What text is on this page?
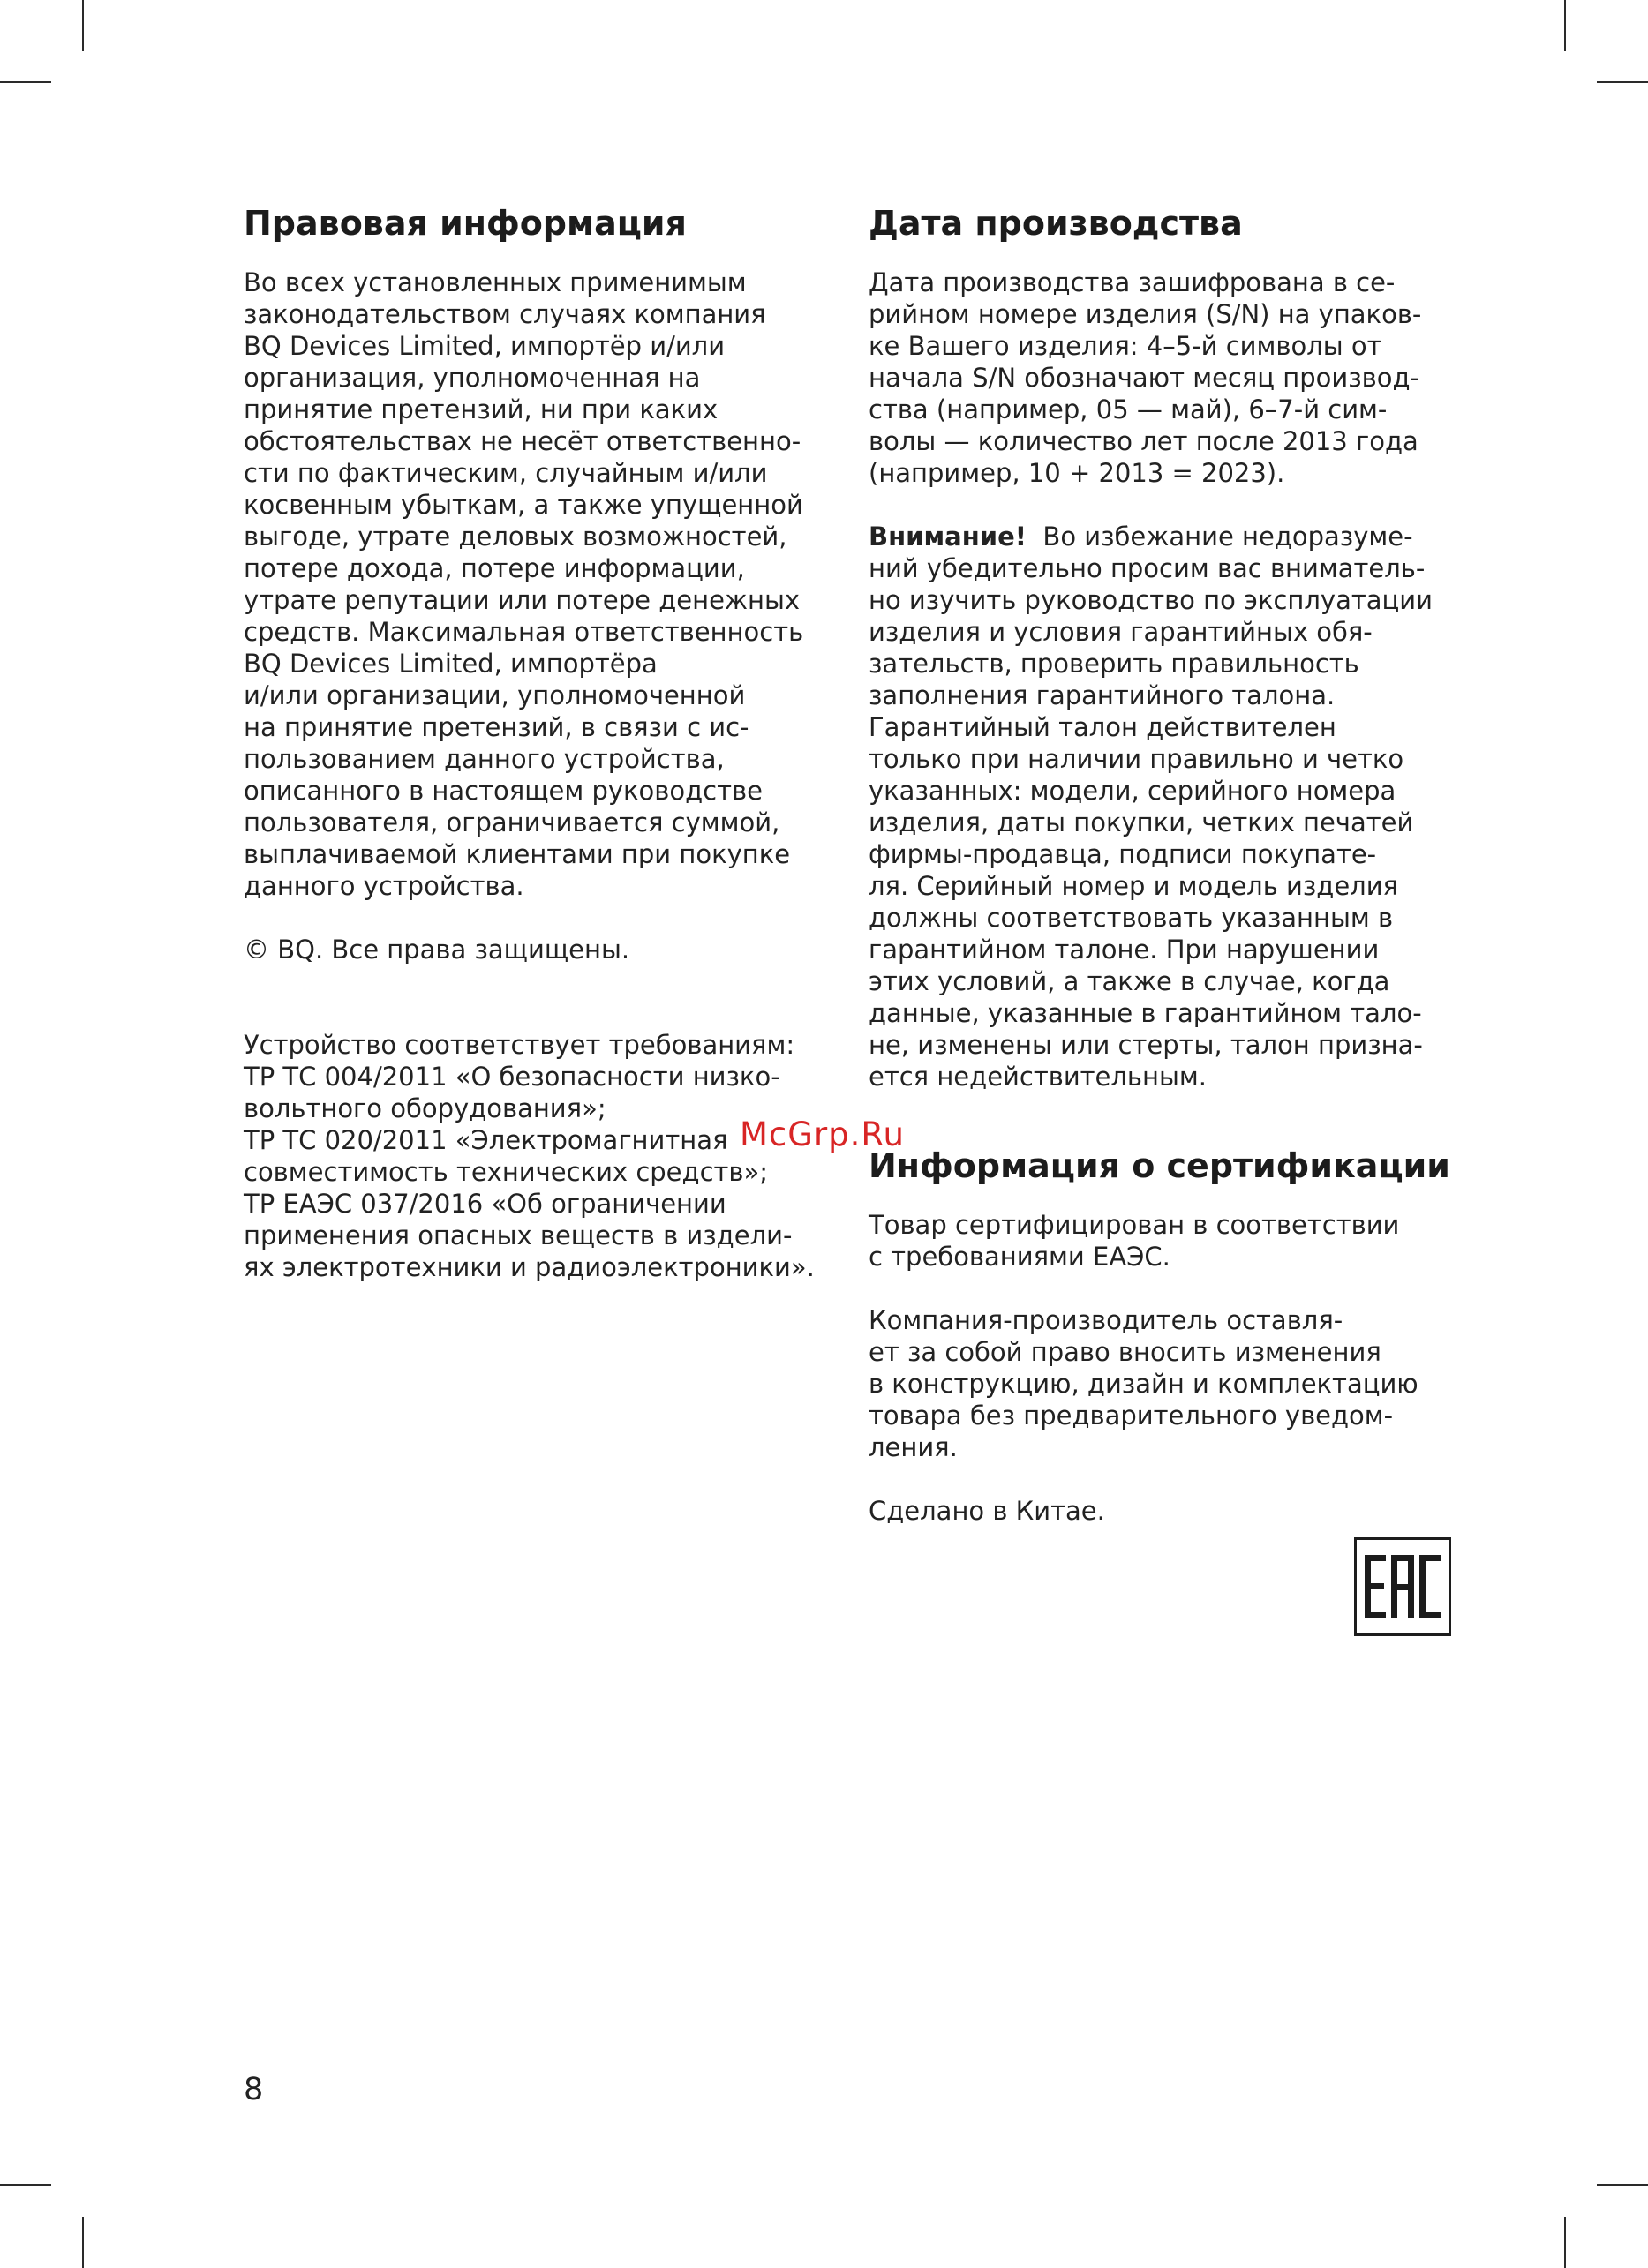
Правовая информация

Во всех установленных применимым
законодательством случаях компания
BQ Devices Limited, импортёр и/или
организация, уполномоченная на
принятие претензий, ни при каких
обстоятельствах не несёт ответственно-
сти по фактическим, случайным и/или
косвенным убыткам, а также упущенной
выгоде, утрате деловых возможностей,
потере дохода, потере информации,
утрате репутации или потере денежных
средств. Максимальная ответственность
BQ Devices Limited, импортёра
и/или организации, уполномоченной
на принятие претензий, в связи с ис-
пользованием данного устройства,
описанного в настоящем руководстве
пользователя, ограничивается суммой,
выплачиваемой клиентами при покупке
данного устройства.

© BQ. Все права защищены.

Устройство соответствует требованиям:
ТР ТС 004/2011 «О безопасности низко-
вольтного оборудования»;
ТР ТС 020/2011 «Электромагнитная
совместимость технических средств»;
ТР ЕАЭС 037/2016 «Об ограничении
применения опасных веществ в издели-
ях электротехники и радиоэлектроники».

Дата производства

Дата производства зашифрована в се-
рийном номере изделия (S/N) на упаков-
ке Вашего изделия: 4–5-й символы от
начала S/N обозначают месяц производ-
ства (например, 05 — май), 6–7-й сим-
волы — количество лет после 2013 года
(например, 10 + 2013 = 2023).

Внимание! Во избежание недоразуме-
ний убедительно просим вас вниматель-
но изучить руководство по эксплуатации
изделия и условия гарантийных обя-
зательств, проверить правильность
заполнения гарантийного талона.
Гарантийный талон действителен
только при наличии правильно и четко
указанных: модели, серийного номера
изделия, даты покупки, четких печатей
фирмы-продавца, подписи покупате-
ля. Серийный номер и модель изделия
должны соответствовать указанным в
гарантийном талоне. При нарушении
этих условий, а также в случае, когда
данные, указанные в гарантийном тало-
не, изменены или стерты, талон призна-
ется недействительным.

Информация о сертификации

Товар сертифицирован в соответствии
с требованиями ЕАЭС.

Компания-производитель оставля-
ет за собой право вносить изменения
в конструкцию, дизайн и комплектацию
товара без предварительного уведом-
ления.

Сделано в Китае.

McGrp.Ru
8
